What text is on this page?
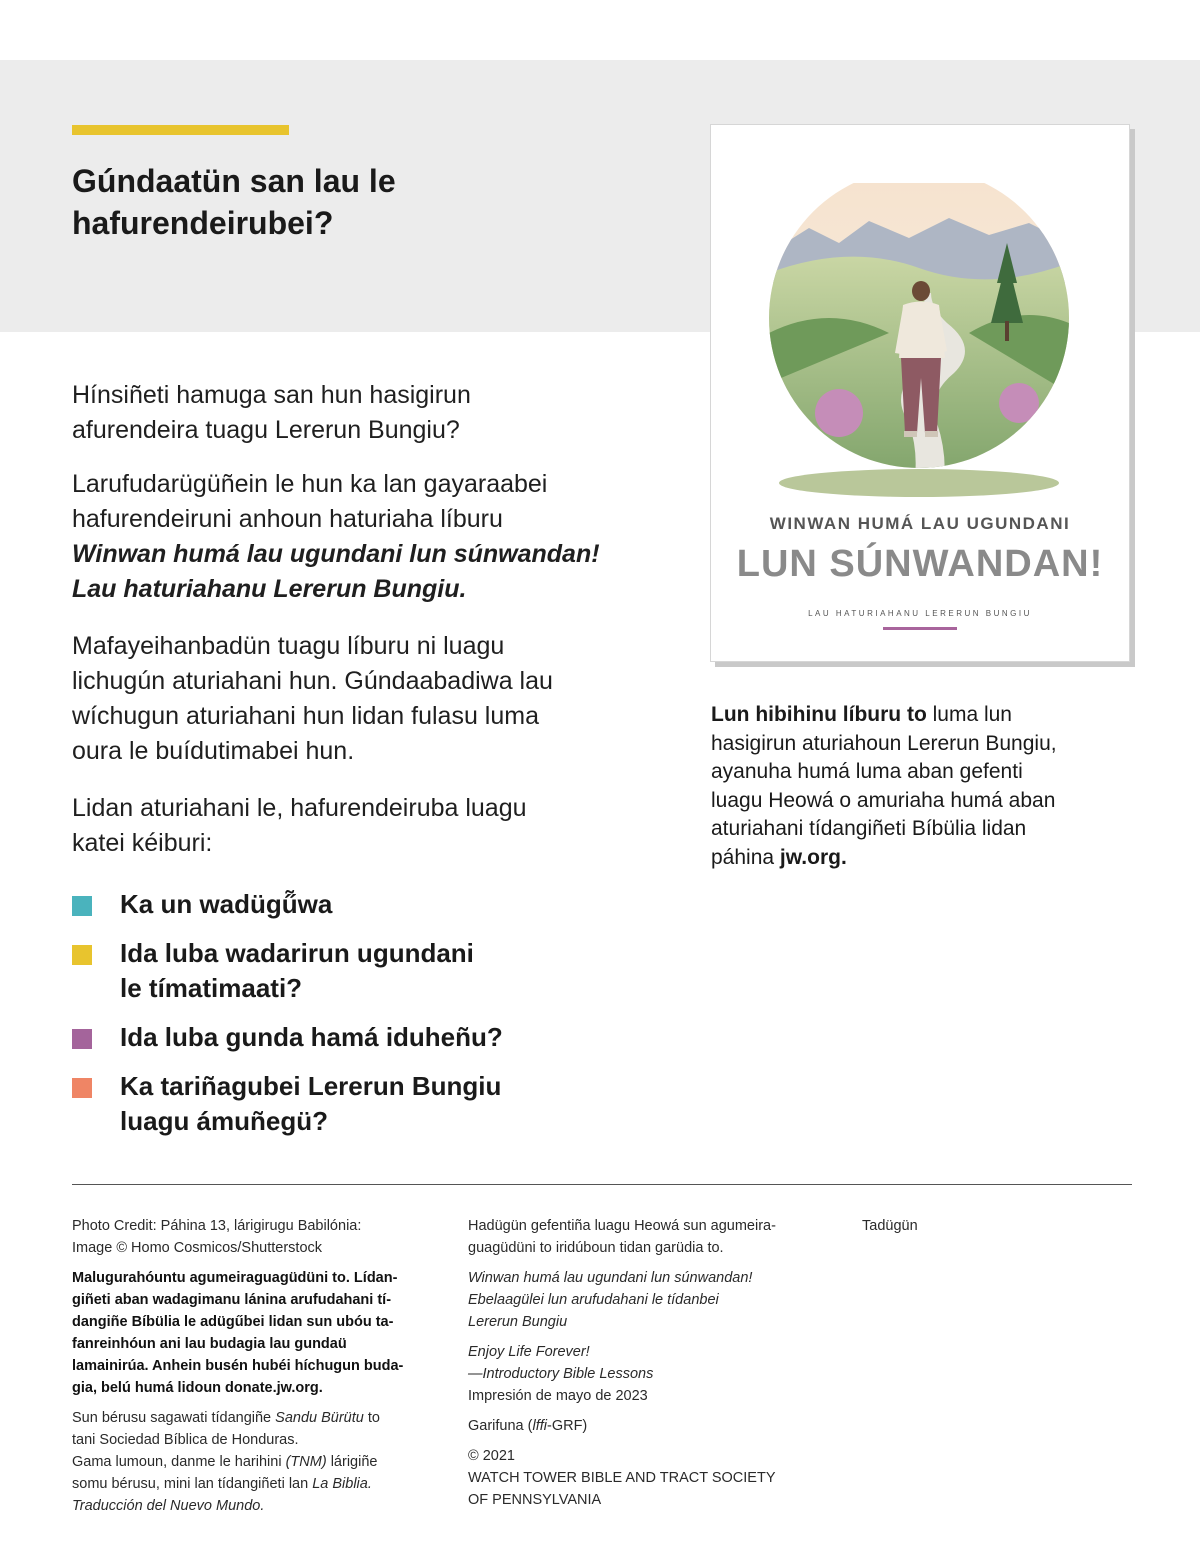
Gúndaatün san lau le
hafurendeirubei?
WINWAN HUMÁ LAU UGUNDANI
LUN SÚNWANDAN!
LAU HATURIAHANU LERERUN BUNGIU

Hínsiñeti hamuga san hun hasigirun
afurendeira tuagu Lererun Bungiu?

Larufudarügüñein le hun ka lan gayaraabei
hafurendeiruni anhoun haturiaha líburu
Winwan humá lau ugundani lun súnwandan!
Lau haturiahanu Lererun Bungiu.

Mafayeihanbadün tuagu líburu ni luagu
lichugún aturiahani hun. Gúndaabadiwa lau
wíchugun aturiahani hun lidan fulasu luma
oura le buídutimabei hun.

Lidan aturiahani le, hafurendeiruba luagu
katei kéiburi:

Ka un wadügű̃wa
Ida luba wadarirun ugundani
le tímatimaati?
Ida luba gunda hamá iduheñu?
Ka tariñagubei Lererun Bungiu
luagu ámuñegü?

Lun hibihinu líburu to luma lun
hasigirun aturiahoun Lererun Bungiu,
ayanuha humá luma aban gefenti
luagu Heowá o amuriaha humá aban
aturiahani tídangiñeti Bíbülia lidan
páhina jw.org.

Photo Credit: Páhina 13, lárigirugu Babilónia:
Image © Homo Cosmicos/Shutterstock

Malugurahóuntu agumeiraguagüdüni to. Lídan-
giñeti aban wadagimanu lánina arufudahani tí-
dangiñe Bíbülia le adügűbei lidan sun ubóu ta-
fanreinhóun ani lau budagia lau gundaü
lamainirúa. Anhein busén hubéi híchugun buda-
gia, belú humá lidoun donate.jw.org.

Sun bérusu sagawati tídangiñe Sandu Bürütu to
tani Sociedad Bíblica de Honduras.
Gama lumoun, danme le harihini (TNM) lárigiñe
somu bérusu, mini lan tídangiñeti lan La Biblia.
Traducción del Nuevo Mundo.

Hadügün gefentiña luagu Heowá sun agumeira-
guagüdüni to iridúboun tidan garüdia to.

Winwan humá lau ugundani lun súnwandan!
Ebelaagülei lun arufudahani le tídanbei
Lererun Bungiu

Enjoy Life Forever!
—Introductory Bible Lessons
Impresión de mayo de 2023

Garifuna (lffi-GRF)

© 2021
WATCH TOWER BIBLE AND TRACT SOCIETY
OF PENNSYLVANIA

Tadügün
